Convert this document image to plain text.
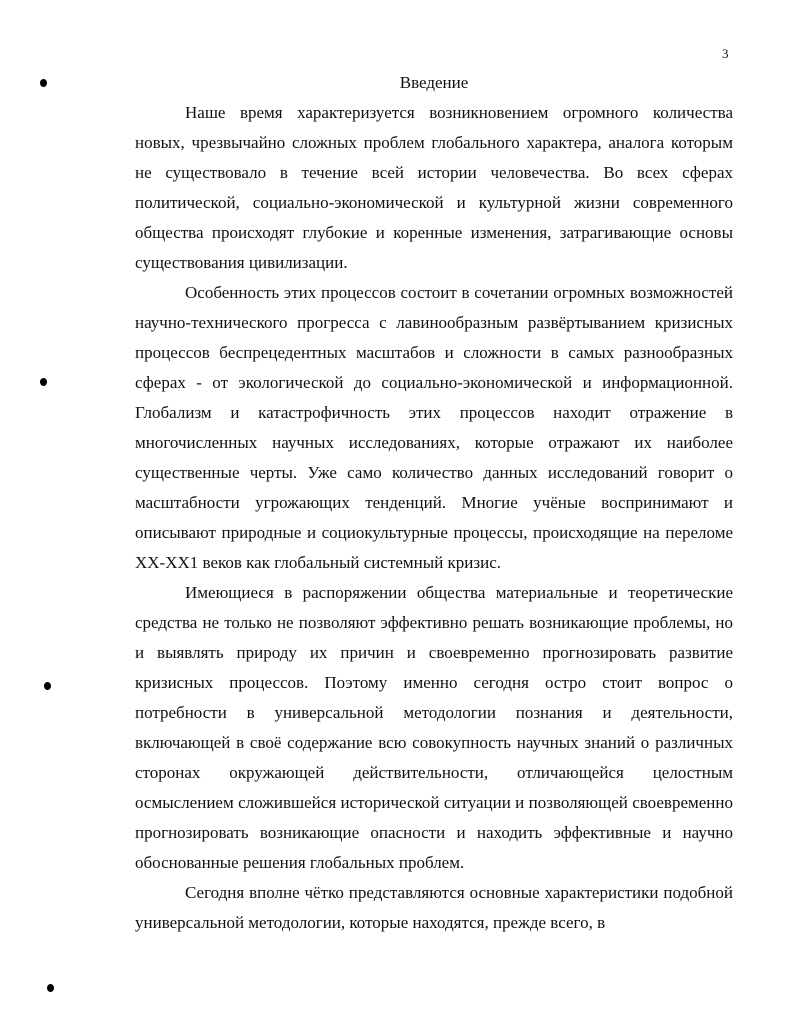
3
Введение

Наше время характеризуется возникновением огромного количества новых, чрезвычайно сложных проблем глобального характера, аналога которым не существовало в течение всей истории человечества. Во всех сферах политической, социально-экономической и культурной жизни современного общества происходят глубокие и коренные изменения, затрагивающие основы существования цивилизации.

Особенность этих процессов состоит в сочетании огромных возможностей научно-технического прогресса с лавинообразным развёртыванием кризисных процессов беспрецедентных масштабов и сложности в самых разнообразных сферах - от экологической до социально-экономической и информационной. Глобализм и катастрофичность этих процессов находит отражение в многочисленных научных исследованиях, которые отражают их наиболее существенные черты. Уже само количество данных исследований говорит о масштабности угрожающих тенденций. Многие учёные воспринимают и описывают природные и социокультурные процессы, происходящие на переломе XX-XX1 веков как глобальный системный кризис.

Имеющиеся в распоряжении общества материальные и теоретические средства не только не позволяют эффективно решать возникающие проблемы, но и выявлять природу их причин и своевременно прогнозировать развитие кризисных процессов. Поэтому именно сегодня остро стоит вопрос о потребности в универсальной методологии познания и деятельности, включающей в своё содержание всю совокупность научных знаний о различных сторонах окружающей действительности, отличающейся целостным осмыслением сложившейся исторической ситуации и позволяющей своевременно прогнозировать возникающие опасности и находить эффективные и научно обоснованные решения глобальных проблем.

Сегодня вполне чётко представляются основные характеристики подобной универсальной методологии, которые находятся, прежде всего, в
